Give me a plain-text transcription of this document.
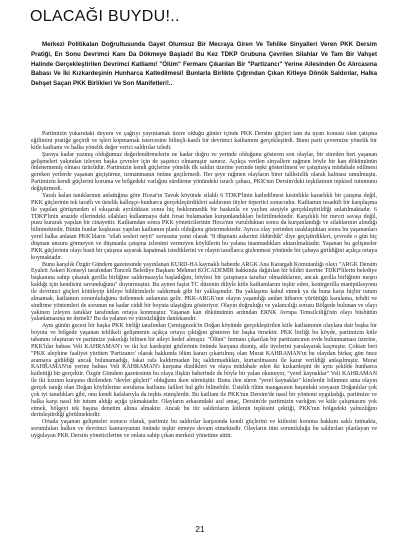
OLACAĞI BUYDU!..
Merkezi Politikalan Doğrultusunda Gayet Olumsuz Bir Mecraya Giren Ve Tehlike Sinyalleri Veren PKK Dersim Pratiği, En Sonu Devrimci Kanı Da Dökmeye Başladı! Bu Kez TDKP Grubuna Çevrilen Silahlar Ve Tam Bir Vahşet Halinde Gerçekleştirilen Devrimci Katliamı! "Ölüm" Fermanı Çıkarılan Bir "Partizancı" Yerine Ailesinden Öc Alırcasına Babası Ve İki Kızkardeşinin Hunharca Katledilmesi! Bunlarla Birlikte Çığrından Çıkan Kitleye Dönük Saldırılar, Halka Dehşet Saçan PKK Birlikleri Ve Son Manifetleri!..

Partimizin yukarıdaki duyuru ve çağrıyı yayınlamak üzere olduğu günler içinde PKK Dersim güçleri tam da uyarı konusu olan çatışma eğilimini pratiğe geçirdi ve işleri kopmamak istercesine bilinçli-kastlı bir devrimci katliamını gerçekleştirdi. Bunu parti çevremize yönelik bir kitle katliamı ve halka yönelik değer verici saldırılar izledi.

Şuraya kadar yazmış olduğumuz değerlendirmelerin ne kadar doğru ve yerinde olduğunu gösteren son olaylar, bir süreden beri yaşanan gelişmeleri yakından izleyen başka çevreler için de şaşırtıcı olmamıştır sanırız. Açıkça verilen sinyallere rağmen böyle bir kan dökümünün önlenememiş olması üzücüdür. Partimizin kendi güçlerine yönelik ilk saldırı üzerine yerinde tepki gösterilmesi ve çatışmaya müdahale edilmesi gereken yerlerde yaşanan geçiştirme, tırmanmanın önüne geçilemedi. Her şeye rağmen olayların birer talihsizlik olarak kalması umulmuştu. Partimizin kendi güçlerini koruma ve bölgedeki varlığını sürdürme yönündeki ısrarlı çabası, PKK'nın Dersim'deki teşkilatının tepkisel tutumunu değiştirmedi.

Yaralı kalan tanıklarının anlattığına göre Hozat'ın Tavuk köyünde silahlı 6 TDKP'linin katledilmesi kesinlikle kararlıklı bir çatışma değil, PKK güçlerinin tek taraflı ve üstelik kalleşçe-hunharca gerçekleştirdikleri saldırının tüyler ürpertici sonucudur. Katliamın tesadüfi bir karşılaşma ile yapılan görüşmeden el sıkışarak ayrıldıktan sonra hiç beklenmedik bir baskınla ve yaylım ateşiyle gerçekleştirildiği anlatılmaktadır. 6 TDKP'linin arazide ellerindeki silahları kullanmaya dahi fırsat bulamadan kurşunlandıkları belirtilmektedir. Karşılıklı bir mevzi savaşı değil, pusu kurarak yapılan bir cinayettir. Katliamdan sonra PKK yöneticilerinin Hoca'nın vurulduktan sonra da kurşunlandığı ve silahlarının alındığı bilinmektedir. Bütün bunlar kuşkusuz yapılan katliamın planlı olduğunu göstermektedir. Ayrıca olay yerinden uzaklaştıktan sonra bu yaşananları yerel halka anlatan PKK'lıların "silah sesleri neyti" sorusuna yanıt olarak "8 düşmanı askerini öldürdük" diye geçiştirdikleri, çevrede o gün hiç düşman unsuru görmeyen ve düşmanla çatışma izlenimi vermeyen köylülerin bu yalana inanmadıkları aktarılmaktadır. Yaşanan bu gelişmeler PKK güçlerinin olayı basit bir çatışma sayarak kapatmak istediklerini ve olayın taraflarca gizlenmesi yönünde bir çabaya girildiğini açıkça ortaya koymaktadır.

Bunu karşılık Özgür Gündem gazetesinde yayınlanan KURD-HA kaynaklı haberde ARGK Ana Karargah Komutanlığı olayı "ARGK Dersim Eyaleti Askeri Konseyi tarafından Tunceli Belediye Başkanı Mehmet KOCADEMİR hakkında dağıtılan bir bildiri üzerine TDKP'lilerin belediye başkanına sahip çıkarak gerilla birliğine saldırmasıyla başladığını, böylesi bir çatışmaya taraftar olmadıklarını, ancak gerilla birliğinin meşru kaldığı için kendisini savunduğunu" duyurmuştur. Bu aynen faşist TC düzenin diliyle kitle katliamlarını teşhir eden, kontrgerilla manipülasyonu ile devrimci güçleri kötüleyip kitleye bildirimlerle saldırmak gibi bir yaklaşımdır. Bu yaklaşımı kabul etmek ya da buna karşı hiçbir tutum almamak, katliamın sorumluluğunu üstlenmek anlamına gelir. PKK-ARGK'nın olayın yaşandığı andan itibaren yürüttüğü karalama, tehdit ve sindirme yöntemleri de sorunun ne kadar ciddi bir boyuta ulaştığını gösteriyor. Olayın doğruluğu ve yalancılığı sorusu Bölgede bulunan ve olayı yakinen izleyen tanıklar tarafından ortaya konmuştur. Yaşanan kan dökümünün ardından ERNK Avrupa Temsilciliği'nin olayı büsbütün yalanlamasına ne demeli? Bu da yalanın ve yüzsüzlüğün daniskasıdır.

Aynı günün gecesi bir başka PKK birliği tarafından Çemişgezek'in Doğan köyünde gerçekleştirilen kitle katliamının olaylara dair başka bir boyutu ve bölgede yaşanan tehlikeli gelişmenin açıkça ortaya çıktığını gösteren bir başka örnektir. PKK birliği bu köyde, partimizin kitle tabanını oluşturan ve partimize yakınlığı bilinen bir aileyi hedef almıştır. "Ölüm" fermanı çıkarılan bir partizancının evde bulunmaması üzerine, PKK'lılar babası Veli KAHRAMAN'ı ve iki kız kardeşini gözlerinin önünde kurşuna dizmiş, aile üyelerini yaralayarak kaçmıştır. Çoktan beri "PKK aleyhine faaliyet yürüten 'Partizancı' olarak hakkında ölüm kararı çıkartılmış olan Murat KAHRAMAN'ın bu olaydan birkaç gün önce aramaya gidildiği ancak bulunamadığı, fakat rafa kaldırmadan hiç saldırmadıkları, kurtarılmasını ile karar verildiği anlaşılmıştır. Murat KAHRAMAN'ın yerine babası Veli KAHRAMAN'ı kurşuna dizdikleri ve olaya müdahale eden iki kızkardeşini de aynı şekilde hunharca katlettiği bir gerçektir. Özgür Gündem gazetesinin bu olaya ilişkin haberinde de böyle bir yalan okunuyor, "yerel kaynaklar" Veli KAHRAMAN ile iki kızının kurşuna dizilenden "devlet güçleri" olduğunu iken sürmüştür. Bunu ilen süren "yerel kaynaklar" kimlerdir bilinmez ama olayın gerçek tanığı olan Doğan köylülerine sorulursa katliamı failleri bul gibi bilinebilir. Üstelik ölüm mangasının başındaki sosyasın Doğanlılar çok çok iyi tanıdıkları gibi, onu kendi kafalarıyla da teşhis etmişlerdir. Bu katliam ile PKK'nın Dersim'de nasıl bir yöntemi uyguladığı, partimize ve halka karşı nasıl bir tutum aldığı açığa çıkmaktadır. Olayların arkasındaki asıl amaç, Dersim'de partimizin varlığını ve kitle çalışmasını yok etmek, bölgeyi tek başına denetim altına almaktır. Ancak bu tür saldırıların kitlenin tepkisini çektiği, PKK'nın bölgedeki yalnızlığını derinleştirdiği görülmektedir.

Ortada yaşanan gelişmeler sonucu olarak, partimiz bu saldırılar karşısında kendi güçlerini ve kitlesini koruma hakkını saklı tutmakta, sorumluları halkın ve devrimci kamuoyunun önünde teşhir etmeye devam etmektedir. Olayların tüm sorumluluğu bu saldırıları planlayan ve uygulayan PKK Dersim yöneticilerine ve onlara sahip çıkan merkezi yönetime aittir.

21
